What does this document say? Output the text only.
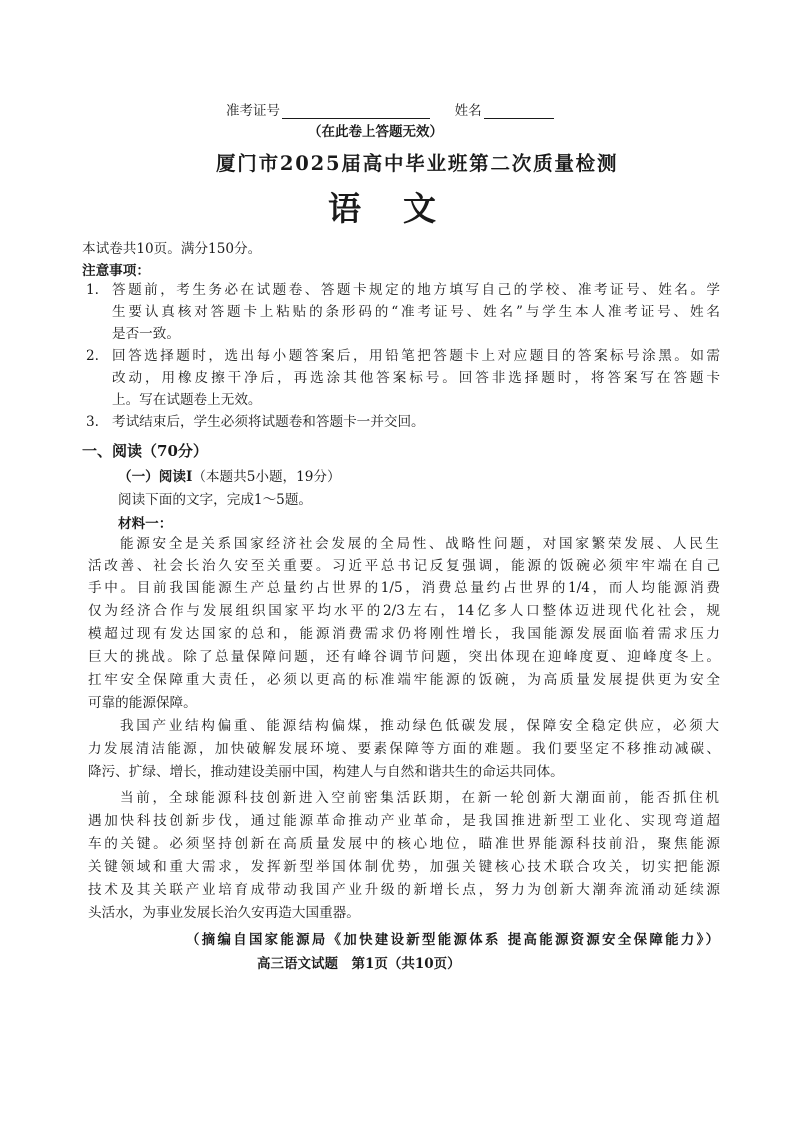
准考证号	姓名
（在此卷上答题无效）
厦门市2025届高中毕业班第二次质量检测
语 文
本试卷共10页。满分150分。
注意事项：
1. 答题前，考生务必在试题卷、答题卡规定的地方填写自己的学校、准考证号、姓名。学
生要认真核对答题卡上粘贴的条形码的“准考证号、姓名”与学生本人准考证号、姓名
是否一致。
2. 回答选择题时，选出每小题答案后，用铅笔把答题卡上对应题目的答案标号涂黑。如需
改动，用橡皮擦干净后，再选涂其他答案标号。回答非选择题时，将答案写在答题卡
上。写在试题卷上无效。
3. 考试结束后，学生必须将试题卷和答题卡一并交回。
一、阅读（70分）
（一）阅读Ⅰ（本题共5小题，19分）
阅读下面的文字，完成1～5题。
材料一：
能源安全是关系国家经济社会发展的全局性、战略性问题，对国家繁荣发展、人民生
活改善、社会长治久安至关重要。习近平总书记反复强调，能源的饭碗必须牢牢端在自己
手中。目前我国能源生产总量约占世界的1/5，消费总量约占世界的1/4，而人均能源消费
仅为经济合作与发展组织国家平均水平的2/3左右，14亿多人口整体迈进现代化社会，规
模超过现有发达国家的总和，能源消费需求仍将刚性增长，我国能源发展面临着需求压力
巨大的挑战。除了总量保障问题，还有峰谷调节问题，突出体现在迎峰度夏、迎峰度冬上。
扛牢安全保障重大责任，必须以更高的标准端牢能源的饭碗，为高质量发展提供更为安全
可靠的能源保障。
我国产业结构偏重、能源结构偏煤，推动绿色低碳发展，保障安全稳定供应，必须大
力发展清洁能源，加快破解发展环境、要素保障等方面的难题。我们要坚定不移推动减碳、
降污、扩绿、增长，推动建设美丽中国，构建人与自然和谐共生的命运共同体。
当前，全球能源科技创新进入空前密集活跃期，在新一轮创新大潮面前，能否抓住机
遇加快科技创新步伐，通过能源革命推动产业革命，是我国推进新型工业化、实现弯道超
车的关键。必须坚持创新在高质量发展中的核心地位，瞄准世界能源科技前沿，聚焦能源
关键领域和重大需求，发挥新型举国体制优势，加强关键核心技术联合攻关，切实把能源
技术及其关联产业培育成带动我国产业升级的新增长点，努力为创新大潮奔流涌动延续源
头活水，为事业发展长治久安再造大国重器。
（摘编自国家能源局《加快建设新型能源体系 提高能源资源安全保障能力》）
高三语文试题　第1页（共10页）
